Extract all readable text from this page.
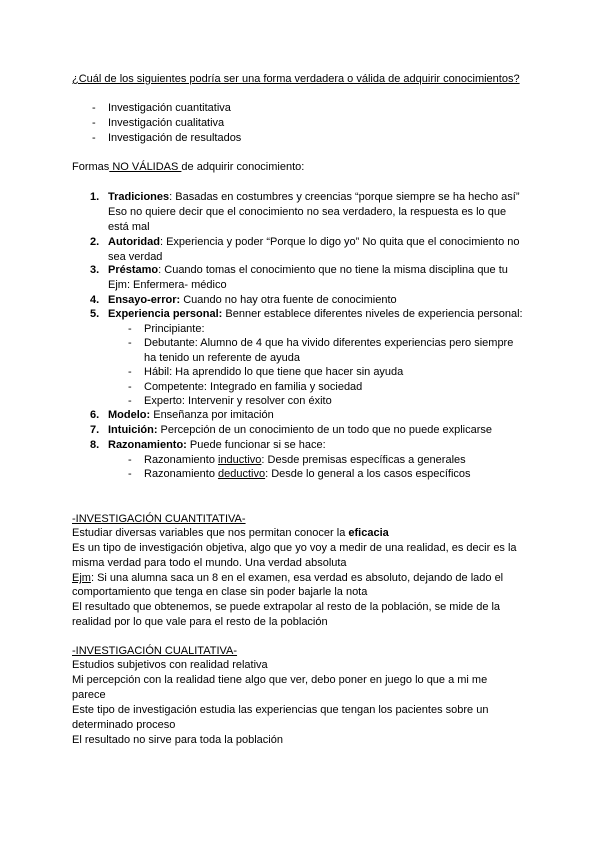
¿Cuál de los siguientes podría ser una forma verdadera o válida de adquirir conocimientos?
- Investigación cuantitativa
- Investigación cualitativa
- Investigación de resultados
Formas NO VÁLIDAS de adquirir conocimiento:
1. Tradiciones: Basadas en costumbres y creencias “porque siempre se ha hecho así”
Eso no quiere decir que el conocimiento no sea verdadero, la respuesta es lo que
está mal
2. Autoridad: Experiencia y poder “Porque lo digo yo” No quita que el conocimiento no
sea verdad
3. Préstamo: Cuando tomas el conocimiento que no tiene la misma disciplina que tu
Ejm: Enfermera- médico
4. Ensayo-error: Cuando no hay otra fuente de conocimiento
5. Experiencia personal: Benner establece diferentes niveles de experiencia personal:
- Principiante:
- Debutante: Alumno de 4 que ha vivido diferentes experiencias pero siempre
ha tenido un referente de ayuda
- Hábil: Ha aprendido lo que tiene que hacer sin ayuda
- Competente: Integrado en familia y sociedad
- Experto: Intervenir y resolver con éxito
6. Modelo: Enseñanza por imitación
7. Intuición: Percepción de un conocimiento de un todo que no puede explicarse
8. Razonamiento: Puede funcionar si se hace:
- Razonamiento inductivo: Desde premisas específicas a generales
- Razonamiento deductivo: Desde lo general a los casos específicos
-INVESTIGACIÓN CUANTITATIVA-
Estudiar diversas variables que nos permitan conocer la eficacia
Es un tipo de investigación objetiva, algo que yo voy a medir de una realidad, es decir es la
misma verdad para todo el mundo. Una verdad absoluta
Ejm: Si una alumna saca un 8 en el examen, esa verdad es absoluto, dejando de lado el
comportamiento que tenga en clase sin poder bajarle la nota
El resultado que obtenemos, se puede extrapolar al resto de la población, se mide de la
realidad por lo que vale para el resto de la población
-INVESTIGACIÓN CUALITATIVA-
Estudios subjetivos con realidad relativa
Mi percepción con la realidad tiene algo que ver, debo poner en juego lo que a mi me
parece
Este tipo de investigación estudia las experiencias que tengan los pacientes sobre un
determinado proceso
El resultado no sirve para toda la población
